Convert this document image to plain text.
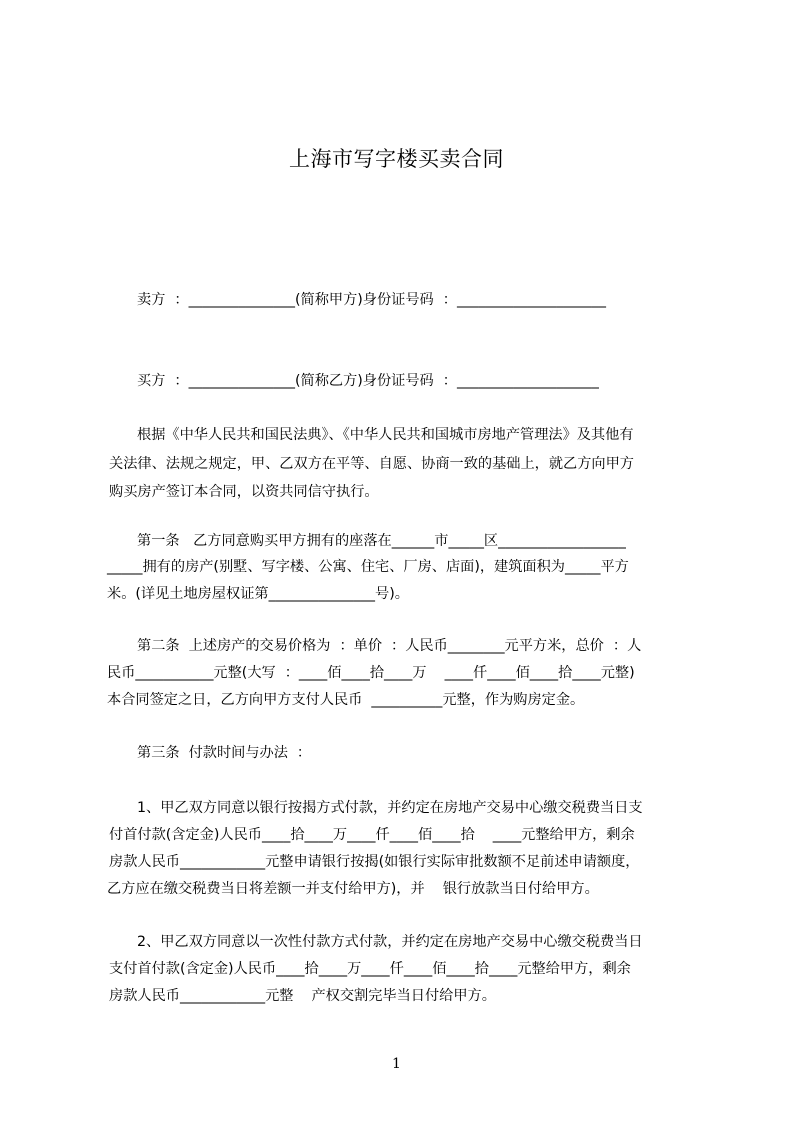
上海市写字楼买卖合同
卖方  ：_______________(简称甲方)身份证号码  ：_____________________
买方  ：_______________(简称乙方)身份证号码  ：____________________
根据《中华人民共和国民法典》、《中华人民共和国城市房地产管理法》及其他有
关法律、法规之规定，甲、乙双方在平等、自愿、协商一致的基础上，就乙方向甲方
购买房产签订本合同，以资共同信守执行。
第一条   乙方同意购买甲方拥有的座落在______市_____区__________________
_____拥有的房产(别墅、写字楼、公寓、住宅、厂房、店面)，建筑面积为_____平方
米。(详见土地房屋权证第_______________号)。
第二条  上述房产的交易价格为  ：单价  ：人民币________元平方米，总价  ：人
民币___________元整(大写  ：____佰____拾____万    ____仟____佰____拾____元整)
本合同签定之日，乙方向甲方支付人民币  __________元整，作为购房定金。
第三条  付款时间与办法  ：
1、甲乙双方同意以银行按揭方式付款，并约定在房地产交易中心缴交税费当日支
付首付款(含定金)人民币____拾____万____仟____佰____拾    ____元整给甲方，剩余
房款人民币____________元整申请银行按揭(如银行实际审批数额不足前述申请额度，
乙方应在缴交税费当日将差额一并支付给甲方)，并    银行放款当日付给甲方。
2、甲乙双方同意以一次性付款方式付款，并约定在房地产交易中心缴交税费当日
支付首付款(含定金)人民币____拾____万____仟____佰____拾____元整给甲方，剩余
房款人民币____________元整    产权交割完毕当日付给甲方。
1
